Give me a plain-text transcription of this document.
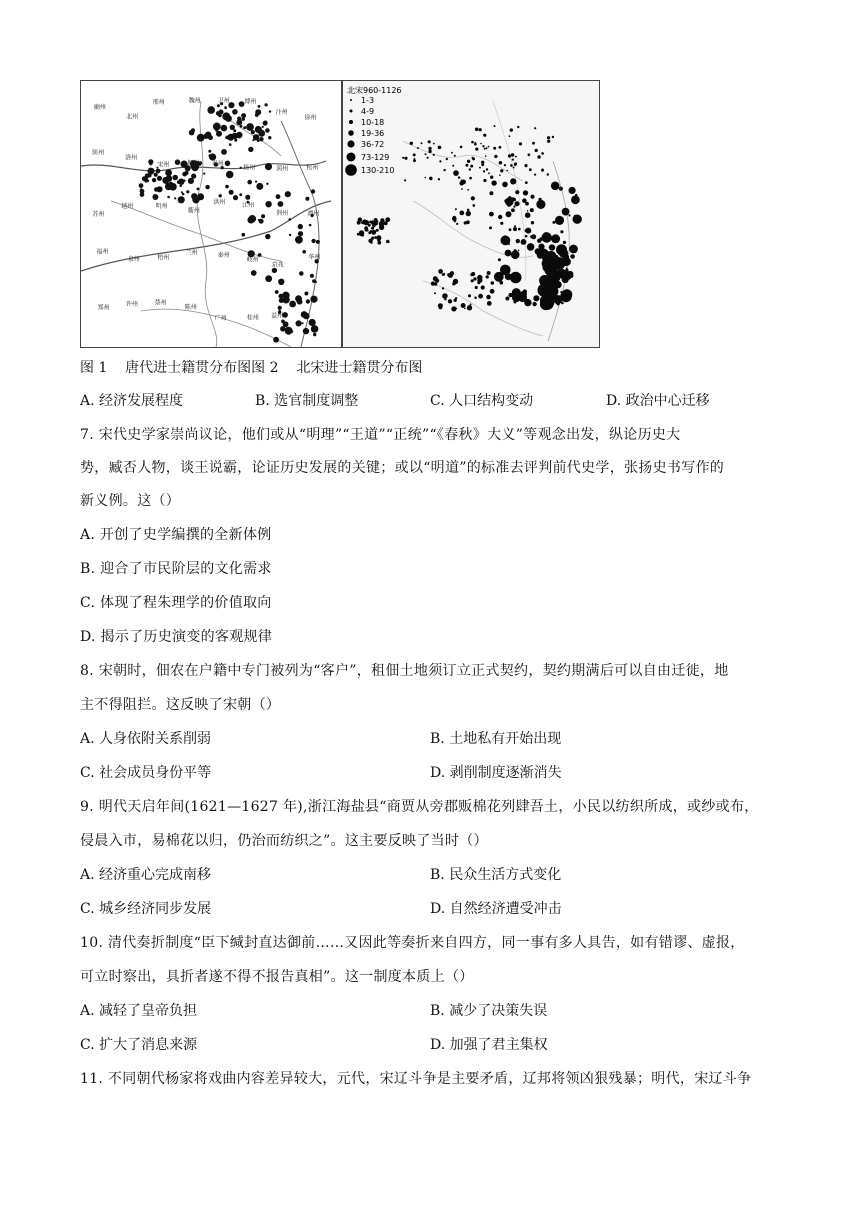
幽州
北州
邢州	魏州	卫州 博州
汴州
徐州
陕州
洛州
宋州	颍州 寿州
扬州	润州	杭州
苏州
越州	明州
衢州
洪州	江州
荆州	潭州
福州
泉州	梧州
兰州	秦州
岐州
京兆
华州
郑州	许州	蔡州
陈州
广州	桂州 益州
北宋960-1126
1-3
4-9
10-18
19-36
36-72
73-129
130-210
图 1    唐代进士籍贯分布图图 2    北宋进士籍贯分布图
A. 经济发展程度	B. 选官制度调整	C. 人口结构变动	D. 政治中心迁移
7. 宋代史学家崇尚议论，他们或从“明理”“王道”“正统”“《春秋》大义”等观念出发，纵论历史大
势，臧否人物，谈王说霸，论证历史发展的关键；或以“明道”的标准去评判前代史学，张扬史书写作的
新义例。这（）
A. 开创了史学编撰的全新体例
B. 迎合了市民阶层的文化需求
C. 体现了程朱理学的价值取向
D. 揭示了历史演变的客观规律
8. 宋朝时，佃农在户籍中专门被列为“客户”，租佃土地须订立正式契约，契约期满后可以自由迁徙，地
主不得阻拦。这反映了宋朝（）
A. 人身依附关系削弱	B. 土地私有开始出现
C. 社会成员身份平等	D. 剥削制度逐渐消失
9. 明代天启年间(1621—1627 年),浙江海盐县“商贾从旁郡贩棉花列肆吾土，小民以纺织所成，或纱或布，
侵晨入市，易棉花以归，仍治而纺织之”。这主要反映了当时（）
A. 经济重心完成南移	B. 民众生活方式变化
C. 城乡经济同步发展	D. 自然经济遭受冲击
10. 清代奏折制度“臣下缄封直达御前……又因此等奏折来自四方，同一事有多人具告，如有错谬、虚报，
可立时察出，具折者遂不得不报告真相”。这一制度本质上（）
A. 减轻了皇帝负担	B. 减少了决策失误
C. 扩大了消息来源	D. 加强了君主集权
11. 不同朝代杨家将戏曲内容差异较大，元代，宋辽斗争是主要矛盾，辽邦将领凶狠残暴；明代，宋辽斗争
